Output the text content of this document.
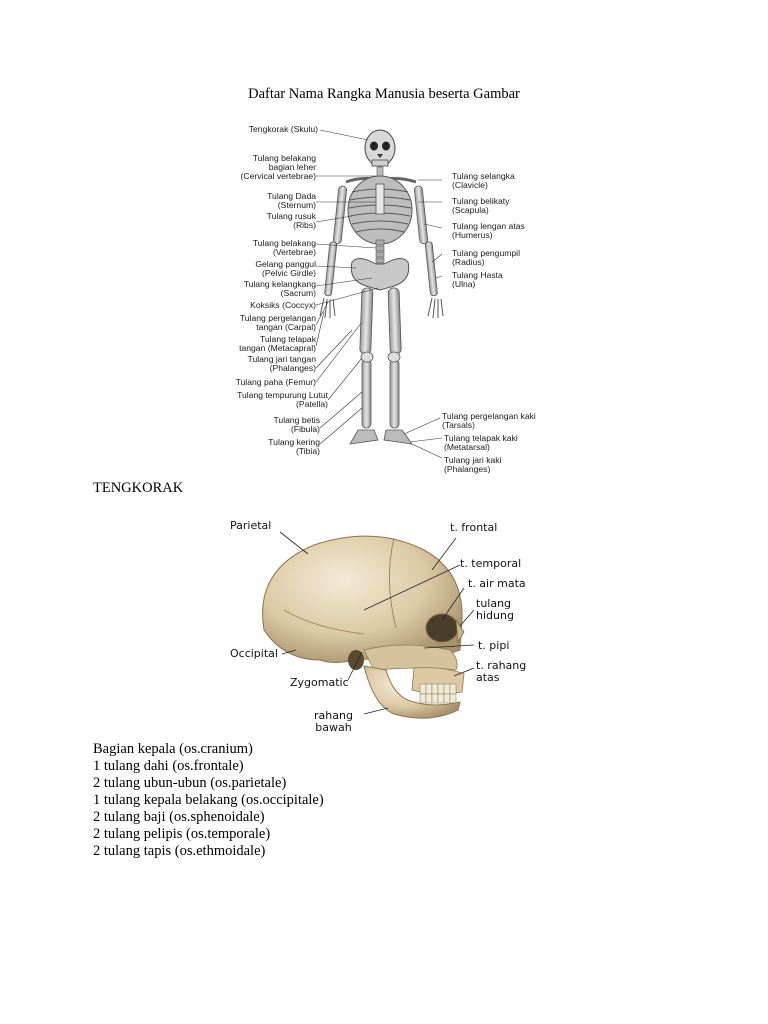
Daftar Nama Rangka Manusia beserta Gambar
Tengkorak (Skulu)
Tulang belakang
bagian leher
(Cervical vertebrae)
Tulang Dada
(Sternum)
Tulang rusuk
(Ribs)
Tulang belakang
(Vertebrae)
Gelang panggul
(Pelvic Girdle)
Tulang kelangkang
(Sacrum)
Koksiks (Coccyx)
Tulang pergelangan
tangan (Carpal)
Tulang telapak
tangan (Metacapral)
Tulang jari tangan
(Phalanges)
Tulang paha (Femur)
Tulang tempurung Lutut
(Patella)
Tulang betis
(Fibula)
Tulang kering
(Tibia)
Tulang selangka
(Clavicle)
Tulang belikaty
(Scapula)
Tulang lengan atas
(Humerus)
Tulang pengumpil
(Radius)
Tulang Hasta
(Ulna)
Tulang pergelangan kaki
(Tarsals)
Tulang telapak kaki
(Metatarsal)
Tulang jari kaki
(Phalanges)
TENGKORAK
Parietal	t. frontal
t. temporal
t. air mata
tulang
hidung
t. pipi
t. rahang
atas
Occipital
Zygomatic
rahang
bawah
Bagian kepala (os.cranium)
1 tulang dahi (os.frontale)
2 tulang ubun-ubun (os.parietale)
1 tulang kepala belakang (os.occipitale)
2 tulang baji (os.sphenoidale)
2 tulang pelipis (os.temporale)
2 tulang tapis (os.ethmoidale)
